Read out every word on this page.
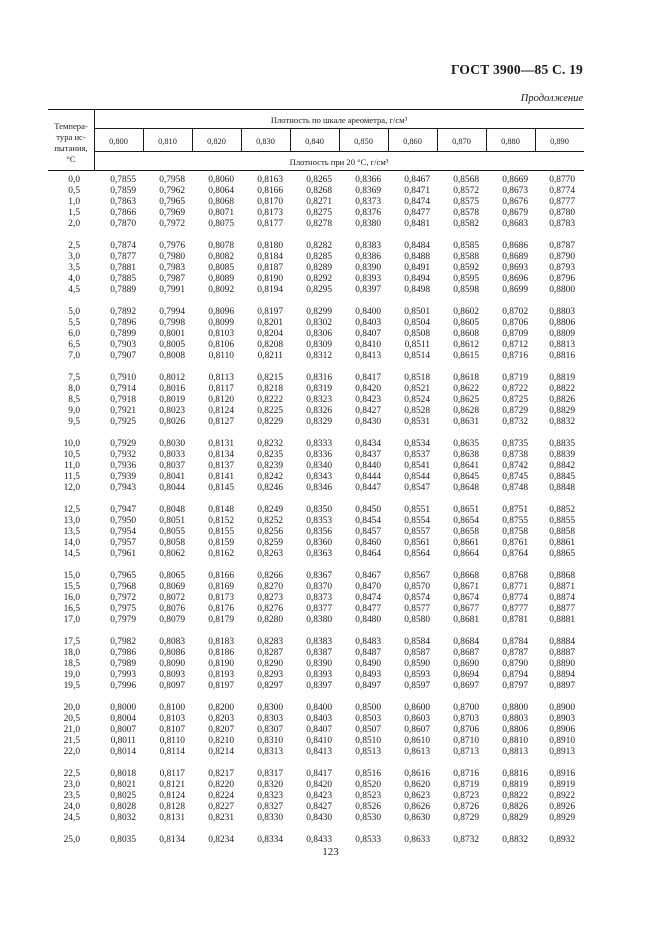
ГОСТ 3900—85 С. 19
Продолжение
Темпера-
тура ис-
пытания,
°C
Плотность по шкале ареометра, г/см³
Плотность при 20 °С, г/см³
0,800	0,810	0,820	0,830	0,840	0,850	0,860	0,870	0,880	0,890
0,0	0,7855	0,7958	0,8060	0,8163	0,8265	0,8366	0,8467	0,8568	0,8669	0,8770
0,5	0,7859	0,7962	0,8064	0,8166	0,8268	0,8369	0,8471	0,8572	0,8673	0,8774
1,0	0,7863	0,7965	0,8068	0,8170	0,8271	0,8373	0,8474	0,8575	0,8676	0,8777
1,5	0,7866	0,7969	0,8071	0,8173	0,8275	0,8376	0,8477	0,8578	0,8679	0,8780
2,0	0,7870	0,7972	0,8075	0,8177	0,8278	0,8380	0,8481	0,8582	0,8683	0,8783
2,5	0,7874	0,7976	0,8078	0,8180	0,8282	0,8383	0,8484	0,8585	0,8686	0,8787
3,0	0,7877	0,7980	0,8082	0,8184	0,8285	0,8386	0,8488	0,8588	0,8689	0,8790
3,5	0,7881	0,7983	0,8085	0,8187	0,8289	0,8390	0,8491	0,8592	0,8693	0,8793
4,0	0,7885	0,7987	0,8089	0,8190	0,8292	0,8393	0,8494	0,8595	0,8696	0,8796
4,5	0,7889	0,7991	0,8092	0,8194	0,8295	0,8397	0,8498	0,8598	0,8699	0,8800
5,0	0,7892	0,7994	0,8096	0,8197	0,8299	0,8400	0,8501	0,8602	0,8702	0,8803
5,5	0,7896	0,7998	0,8099	0,8201	0,8302	0,8403	0,8504	0,8605	0,8706	0,8806
6,0	0,7899	0,8001	0,8103	0,8204	0,8306	0,8407	0,8508	0,8608	0,8709	0,8809
6,5	0,7903	0,8005	0,8106	0,8208	0,8309	0,8410	0,8511	0,8612	0,8712	0,8813
7,0	0,7907	0,8008	0,8110	0,8211	0,8312	0,8413	0,8514	0,8615	0,8716	0,8816
7,5	0,7910	0,8012	0,8113	0,8215	0,8316	0,8417	0,8518	0,8618	0,8719	0,8819
8,0	0,7914	0,8016	0,8117	0,8218	0,8319	0,8420	0,8521	0,8622	0,8722	0,8822
8,5	0,7918	0,8019	0,8120	0,8222	0,8323	0,8423	0,8524	0,8625	0,8725	0,8826
9,0	0,7921	0,8023	0,8124	0,8225	0,8326	0,8427	0,8528	0,8628	0,8729	0,8829
9,5	0,7925	0,8026	0,8127	0,8229	0,8329	0,8430	0,8531	0,8631	0,8732	0,8832
10,0	0,7929	0,8030	0,8131	0,8232	0,8333	0,8434	0,8534	0,8635	0,8735	0,8835
10,5	0,7932	0,8033	0,8134	0,8235	0,8336	0,8437	0,8537	0,8638	0,8738	0,8839
11,0	0,7936	0,8037	0,8137	0,8239	0,8340	0,8440	0,8541	0,8641	0,8742	0,8842
11,5	0,7939	0,8041	0,8141	0,8242	0,8343	0,8444	0,8544	0,8645	0,8745	0,8845
12,0	0,7943	0,8044	0,8145	0,8246	0,8346	0,8447	0,8547	0,8648	0,8748	0,8848
12,5	0,7947	0,8048	0,8148	0,8249	0,8350	0,8450	0,8551	0,8651	0,8751	0,8852
13,0	0,7950	0,8051	0,8152	0,8252	0,8353	0,8454	0,8554	0,8654	0,8755	0,8855
13,5	0,7954	0,8055	0,8155	0,8256	0,8356	0,8457	0,8557	0,8658	0,8758	0,8858
14,0	0,7957	0,8058	0,8159	0,8259	0,8360	0,8460	0,8561	0,8661	0,8761	0,8861
14,5	0,7961	0,8062	0,8162	0,8263	0,8363	0,8464	0,8564	0,8664	0,8764	0,8865
15,0	0,7965	0,8065	0,8166	0,8266	0,8367	0,8467	0,8567	0,8668	0,8768	0,8868
15,5	0,7968	0,8069	0,8169	0,8270	0,8370	0,8470	0,8570	0,8671	0,8771	0,8871
16,0	0,7972	0,8072	0,8173	0,8273	0,8373	0,8474	0,8574	0,8674	0,8774	0,8874
16,5	0,7975	0,8076	0,8176	0,8276	0,8377	0,8477	0,8577	0,8677	0,8777	0,8877
17,0	0,7979	0,8079	0,8179	0,8280	0,8380	0,8480	0,8580	0,8681	0,8781	0,8881
17,5	0,7982	0,8083	0,8183	0,8283	0,8383	0,8483	0,8584	0,8684	0,8784	0,8884
18,0	0,7986	0,8086	0,8186	0,8287	0,8387	0,8487	0,8587	0,8687	0,8787	0,8887
18,5	0,7989	0,8090	0,8190	0,8290	0,8390	0,8490	0,8590	0,8690	0,8790	0,8890
19,0	0,7993	0,8093	0,8193	0,8293	0,8393	0,8493	0,8593	0,8694	0,8794	0,8894
19,5	0,7996	0,8097	0,8197	0,8297	0,8397	0,8497	0,8597	0,8697	0,8797	0,8897
20,0	0,8000	0,8100	0,8200	0,8300	0,8400	0,8500	0,8600	0,8700	0,8800	0,8900
20,5	0,8004	0,8103	0,8203	0,8303	0,8403	0,8503	0,8603	0,8703	0,8803	0,8903
21,0	0,8007	0,8107	0,8207	0,8307	0,8407	0,8507	0,8607	0,8706	0,8806	0,8906
21,5	0,8011	0,8110	0,8210	0,8310	0,8410	0,8510	0,8610	0,8710	0,8810	0,8910
22,0	0,8014	0,8114	0,8214	0,8313	0,8413	0,8513	0,8613	0,8713	0,8813	0,8913
22,5	0,8018	0,8117	0,8217	0,8317	0,8417	0,8516	0,8616	0,8716	0,8816	0,8916
23,0	0,8021	0,8121	0,8220	0,8320	0,8420	0,8520	0,8620	0,8719	0,8819	0,8919
23,5	0,8025	0,8124	0,8224	0,8323	0,8423	0,8523	0,8623	0,8723	0,8822	0,8922
24,0	0,8028	0,8128	0,8227	0,8327	0,8427	0,8526	0,8626	0,8726	0,8826	0,8926
24,5	0,8032	0,8131	0,8231	0,8330	0,8430	0,8530	0,8630	0,8729	0,8829	0,8929
25,0	0,8035	0,8134	0,8234	0,8334	0,8433	0,8533	0,8633	0,8732	0,8832	0,8932
123
